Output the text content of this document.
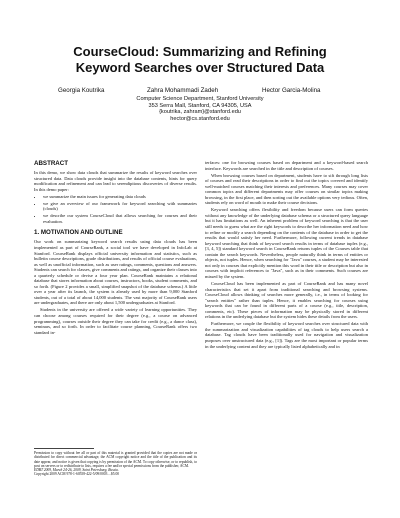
CourseCloud: Summarizing and Refining
Keyword Searches over Structured Data
Georgia Koutrika	Zahra Mohammadi Zadeh	Hector Garcia-Molina
Computer Science Department, Stanford University
353 Serra Mall, Stanford, CA 94305, USA
{koutrika, zahram}@stanford.edu
hector@cs.stanford.edu
ABSTRACT

In this demo, we show data clouds that summarize the results of keyword searches over structured data. Data clouds provide insight into the database contents, hints for query modification and refinement and can lead to serendipitous discoveries of diverse results. In this demo paper:

• we summarize the main issues for generating data clouds
• we give an overview of our framework for keyword searching with summaries (clouds)
• we describe our system CourseCloud that allows searching for courses and their evaluation.
1. MOTIVATION AND OUTLINE

Our work on summarizing keyword search results using data clouds has been implemented as part of CourseRank, a social tool we have developed in InfoLab at Stanford. CourseRank displays official university information and statistics, such as bulletin course descriptions, grade distributions, and results of official course evaluations, as well as unofficial information, such as user ratings, comments, questions and answers. Students can search for classes, give comments and ratings, and organize their classes into a quarterly schedule or devise a four year plan. CourseRank maintains a relational database that stores information about courses, instructors, books, student comments, and so forth. (Figure 2 provides a small, simplified snapshot of the database schema.) A little over a year after its launch, the system is already used by more than 9,000 Stanford students, out of a total of about 14,000 students. The vast majority of CourseRank users are undergraduates, and there are only about 1,500 undergraduates at Stanford.

Students in the university are offered a wide variety of learning opportunities. They can choose among courses required for their degree (e.g., a course on advanced programming), courses outside their degree they can take for credit (e.g., a dance class), seminars, and so forth. In order to facilitate course planning, CourseRank offers two standard in-

Permission to copy without fee all or part of this material is granted provided that the copies are not made or distributed for direct commercial advantage, the ACM copyright notice and the title of the publication and its date appear, and notice is given that copying is by permission of the ACM. To copy otherwise, or to republish, to post on servers or to redistribute to lists, requires a fee and/or special permissions from the publisher, ACM.

EDBT 2009, March 24-26, 2009, Saint Petersburg, Russia.

Copyright 2009 ACM 978-1-60558-422-5/09/0003 ...$5.00

terfaces: one for browsing courses based on department and a keyword-based search interface. Keywords are searched in the title and description of courses.

When browsing courses based on department, students have to sift through long lists of courses and read their descriptions in order to find out the topics covered and identify well-matched courses matching their interests and preferences. Many courses may cover common topics and different departments may offer courses on similar topics making browsing, in the first place, and then sorting out the available options very tedious. Often, students rely on word of mouth to make their course decisions.

Keyword searching offers flexibility and freedom because users can form queries without any knowledge of the underlying database schema or a structured query language but it has limitations as well. An inherent problem of keyword searching is that the user still needs to guess what are the right keywords to describe her information need and how to refine or modify a search depending on the contents of the database in order to get the results that would satisfy her need. Furthermore, following current trends in database keyword searching that think of keyword search results in terms of database tuples (e.g., [3, 4, 5]) standard keyword search in CourseRank returns tuples of the Courses table that contain the search keywords. Nevertheless, people naturally think in terms of entities or objects, not tuples. Hence, when searching for "Java" courses, a student may be interested not only in courses that explicitly mention this word in their title or description but also in courses with implicit references to "Java", such as in their comments. Such courses are missed by the system.

CourseCloud has been implemented as part of CourseRank and has many novel characteristics that set it apart from traditional searching and browsing systems. CourseCloud allows thinking of searches more generally, i.e., in terms of looking for "search entities" rather than tuples. Hence, it enables searching for courses using keywords that can be found in different parts of a course (e.g., title, description, comments, etc). These pieces of information may be physically stored in different relations in the underlying database but the system hides these details from the users.

Furthermore, we couple the flexibility of keyword searches over structured data with the summarization and visualization capabilities of tag clouds to help users search a database. Tag clouds have been traditionally used for navigation and visualization purposes over unstructured data (e.g., [1]). Tags are the most important or popular terms in the underlying content and they are typically listed alphabetically and in
